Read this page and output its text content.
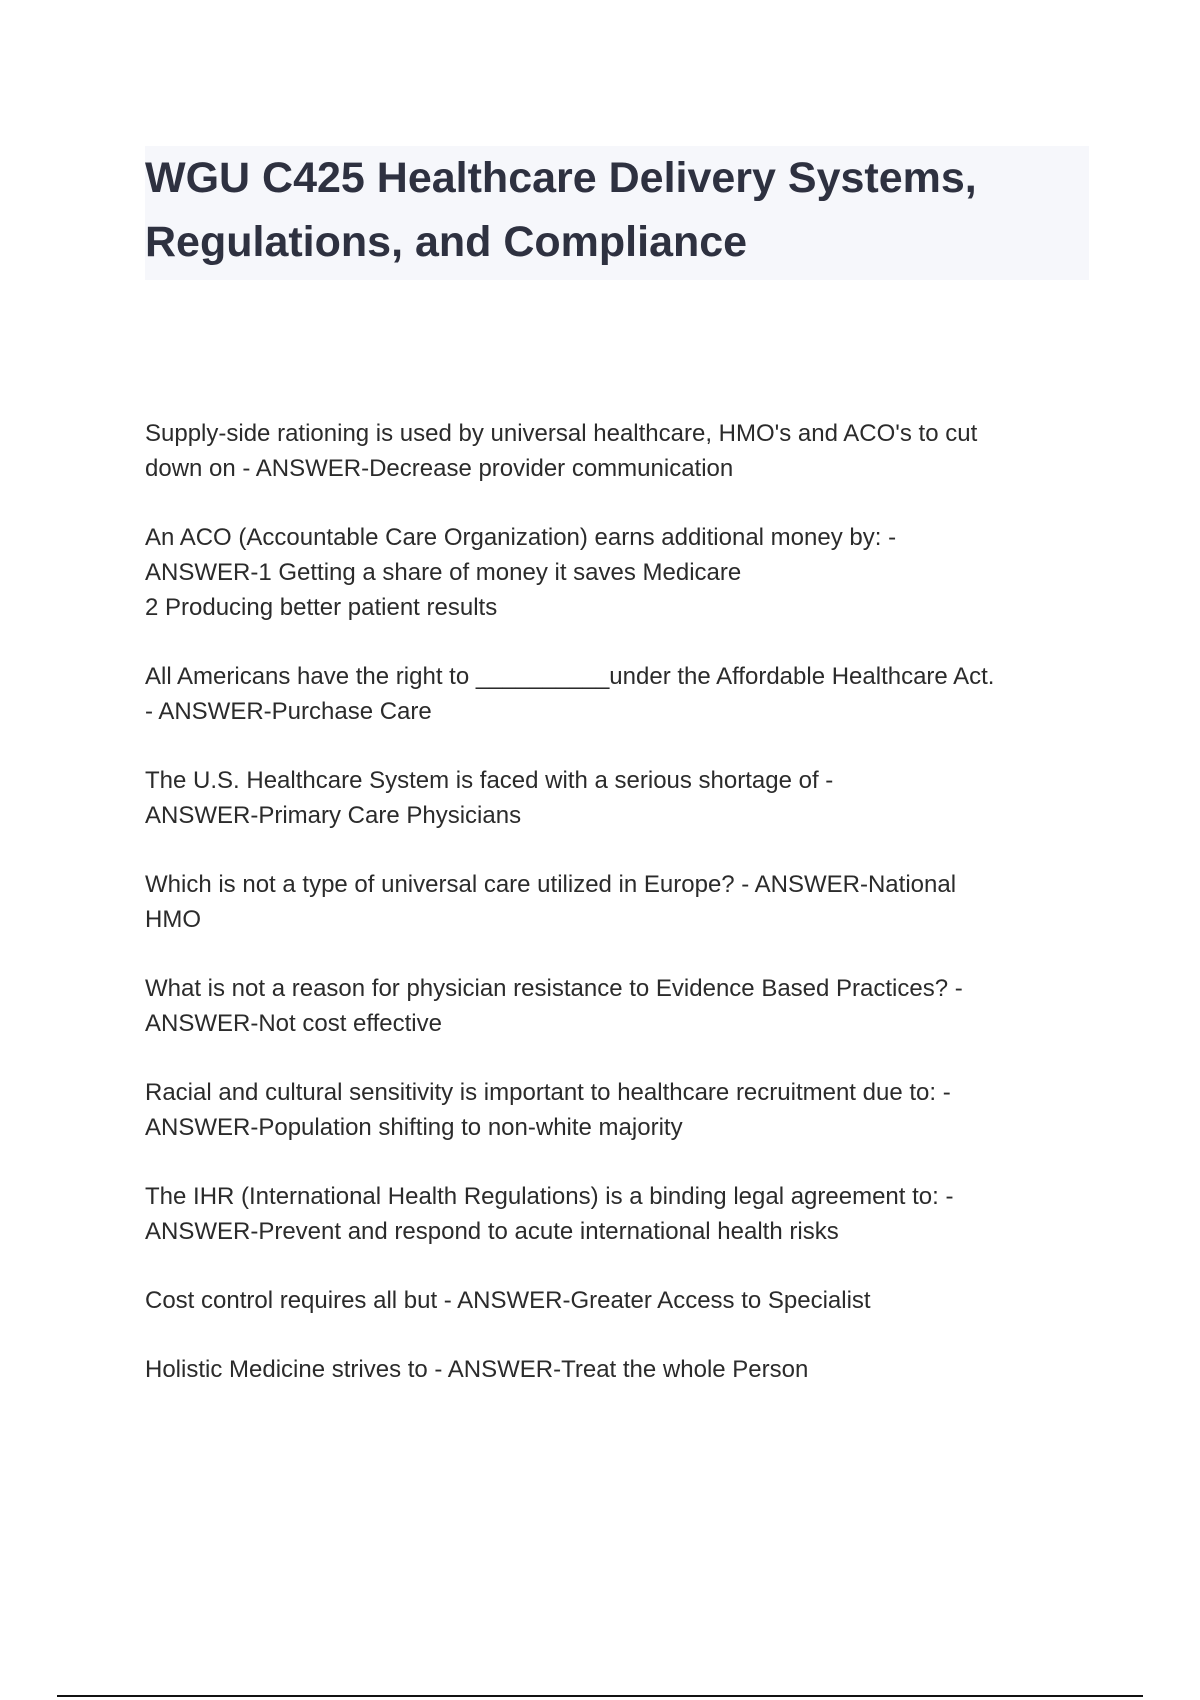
WGU C425 Healthcare Delivery Systems,
Regulations, and Compliance
Supply-side rationing is used by universal healthcare, HMO's and ACO's to cut
down on - ANSWER-Decrease provider communication
An ACO (Accountable Care Organization) earns additional money by: -
ANSWER-1 Getting a share of money it saves Medicare
2 Producing better patient results
All Americans have the right to __________under the Affordable Healthcare Act.
- ANSWER-Purchase Care
The U.S. Healthcare System is faced with a serious shortage of -
ANSWER-Primary Care Physicians
Which is not a type of universal care utilized in Europe? - ANSWER-National
HMO
What is not a reason for physician resistance to Evidence Based Practices? -
ANSWER-Not cost effective
Racial and cultural sensitivity is important to healthcare recruitment due to: -
ANSWER-Population shifting to non-white majority
The IHR (International Health Regulations) is a binding legal agreement to: -
ANSWER-Prevent and respond to acute international health risks
Cost control requires all but - ANSWER-Greater Access to Specialist
Holistic Medicine strives to - ANSWER-Treat the whole Person
